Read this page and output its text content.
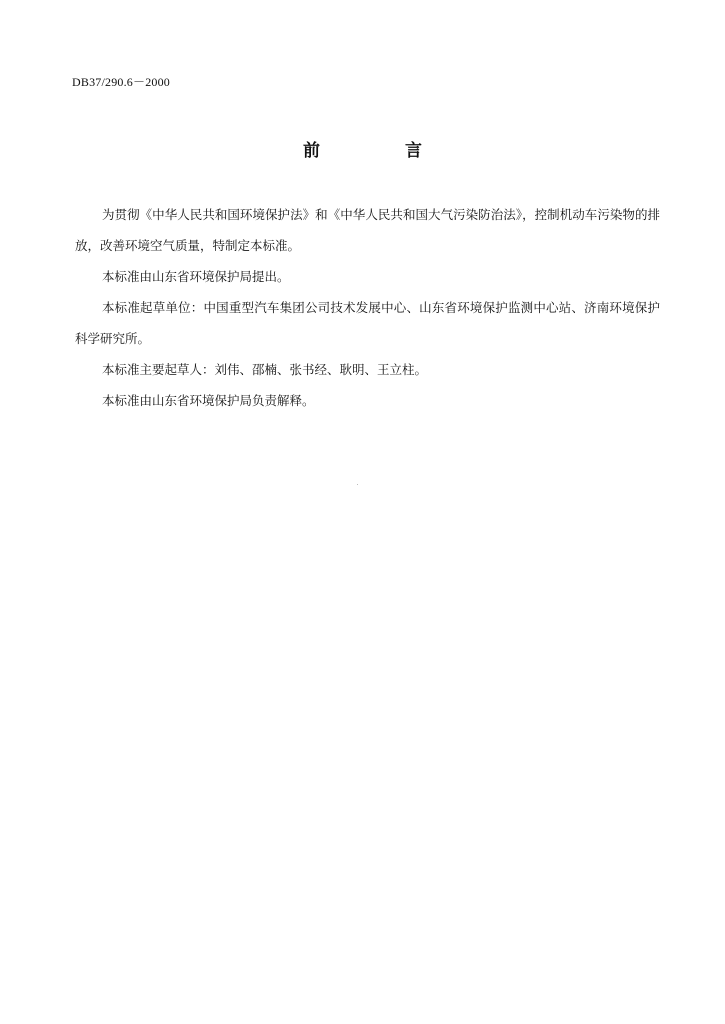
DB37/290.6－2000
前　言

为贯彻《中华人民共和国环境保护法》和《中华人民共和国大气污染防治法》，控制机动车污染物的排放，改善环境空气质量，特制定本标准。

本标准由山东省环境保护局提出。

本标准起草单位：中国重型汽车集团公司技术发展中心、山东省环境保护监测中心站、济南环境保护科学研究所。

本标准主要起草人：刘伟、邵楠、张书经、耿明、王立柱。

本标准由山东省环境保护局负责解释。
